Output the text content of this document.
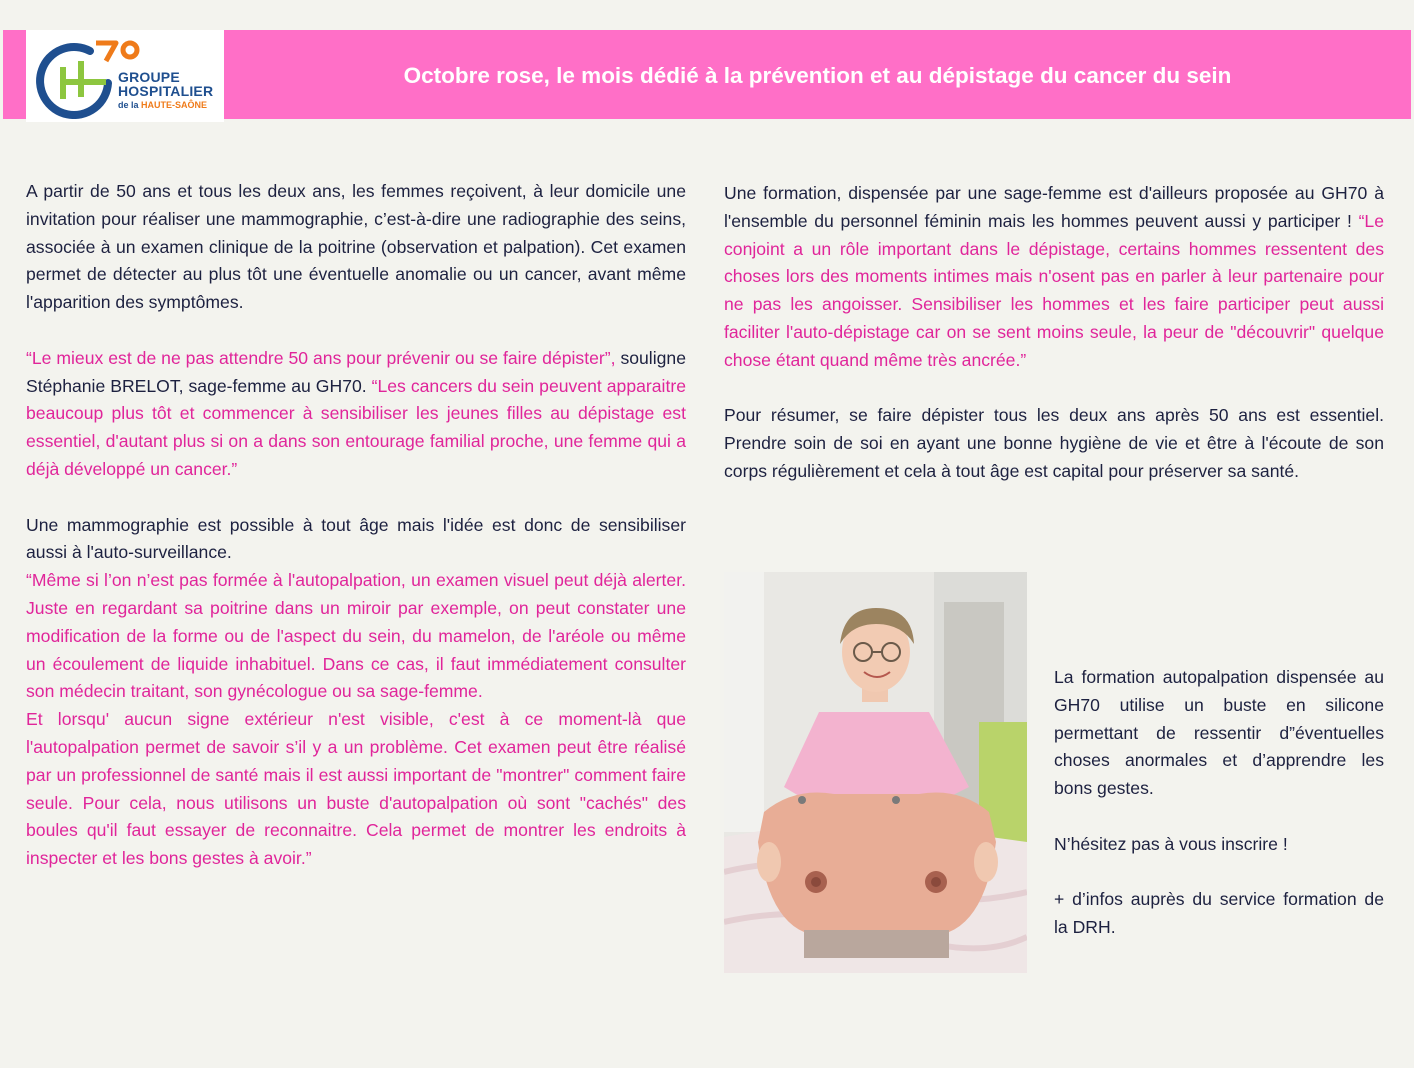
GROUPE
HOSPITALIER
de la HAUTE-SAÔNE
Octobre rose, le mois dédié à la prévention et au dépistage du cancer du sein

A partir de 50 ans et tous les deux ans, les femmes reçoivent, à leur domicile une invitation pour réaliser une mammographie, c’est-à-dire une radiographie des seins, associée à un examen clinique de la poitrine (observation et palpation). Cet examen permet de détecter au plus tôt une éventuelle anomalie ou un cancer, avant même l'apparition des symptômes.

“Le mieux est de ne pas attendre 50 ans pour prévenir ou se faire dépister”, souligne Stéphanie BRELOT, sage-femme au GH70. “Les cancers du sein peuvent apparaitre beaucoup plus tôt et commencer à sensibiliser les jeunes filles au dépistage est essentiel, d'autant plus si on a dans son entourage familial proche, une femme qui a déjà développé un cancer.”

Une mammographie est possible à tout âge mais l'idée est donc de sensibiliser aussi à l'auto-surveillance.

“Même si l’on n’est pas formée à l'autopalpation, un examen visuel peut déjà alerter. Juste en regardant sa poitrine dans un miroir par exemple, on peut constater une modification de la forme ou de l'aspect du sein, du mamelon, de l'aréole ou même un écoulement de liquide inhabituel. Dans ce cas, il faut immédiatement consulter son médecin traitant, son gynécologue ou sa sage-femme.

Et lorsqu' aucun signe extérieur n'est visible, c'est à ce moment-là que l'autopalpation permet de savoir s’il y a un problème. Cet examen peut être réalisé par un professionnel de santé mais il est aussi important de "montrer" comment faire seule. Pour cela, nous utilisons un buste d'autopalpation où sont "cachés" des boules qu'il faut essayer de reconnaitre. Cela permet de montrer les endroits à inspecter et les bons gestes à avoir.”

Une formation, dispensée par une sage-femme est d'ailleurs proposée au GH70 à l'ensemble du personnel féminin mais les hommes peuvent aussi y participer ! “Le conjoint a un rôle important dans le dépistage, certains hommes ressentent des choses lors des moments intimes mais n'osent pas en parler à leur partenaire pour ne pas les angoisser. Sensibiliser les hommes et les faire participer peut aussi faciliter l'auto-dépistage car on se sent moins seule, la peur de "découvrir" quelque chose étant quand même très ancrée.”

Pour résumer, se faire dépister tous les deux ans après 50 ans est essentiel. Prendre soin de soi en ayant une bonne hygiène de vie et être à l'écoute de son corps régulièrement et cela à tout âge est capital pour préserver sa santé.

La formation autopalpation dispensée au GH70 utilise un buste en silicone permettant de ressentir d”éventuelles choses anormales et d’apprendre les bons gestes.

N’hésitez pas à vous inscrire !

+ d’infos auprès du service formation de la DRH.
